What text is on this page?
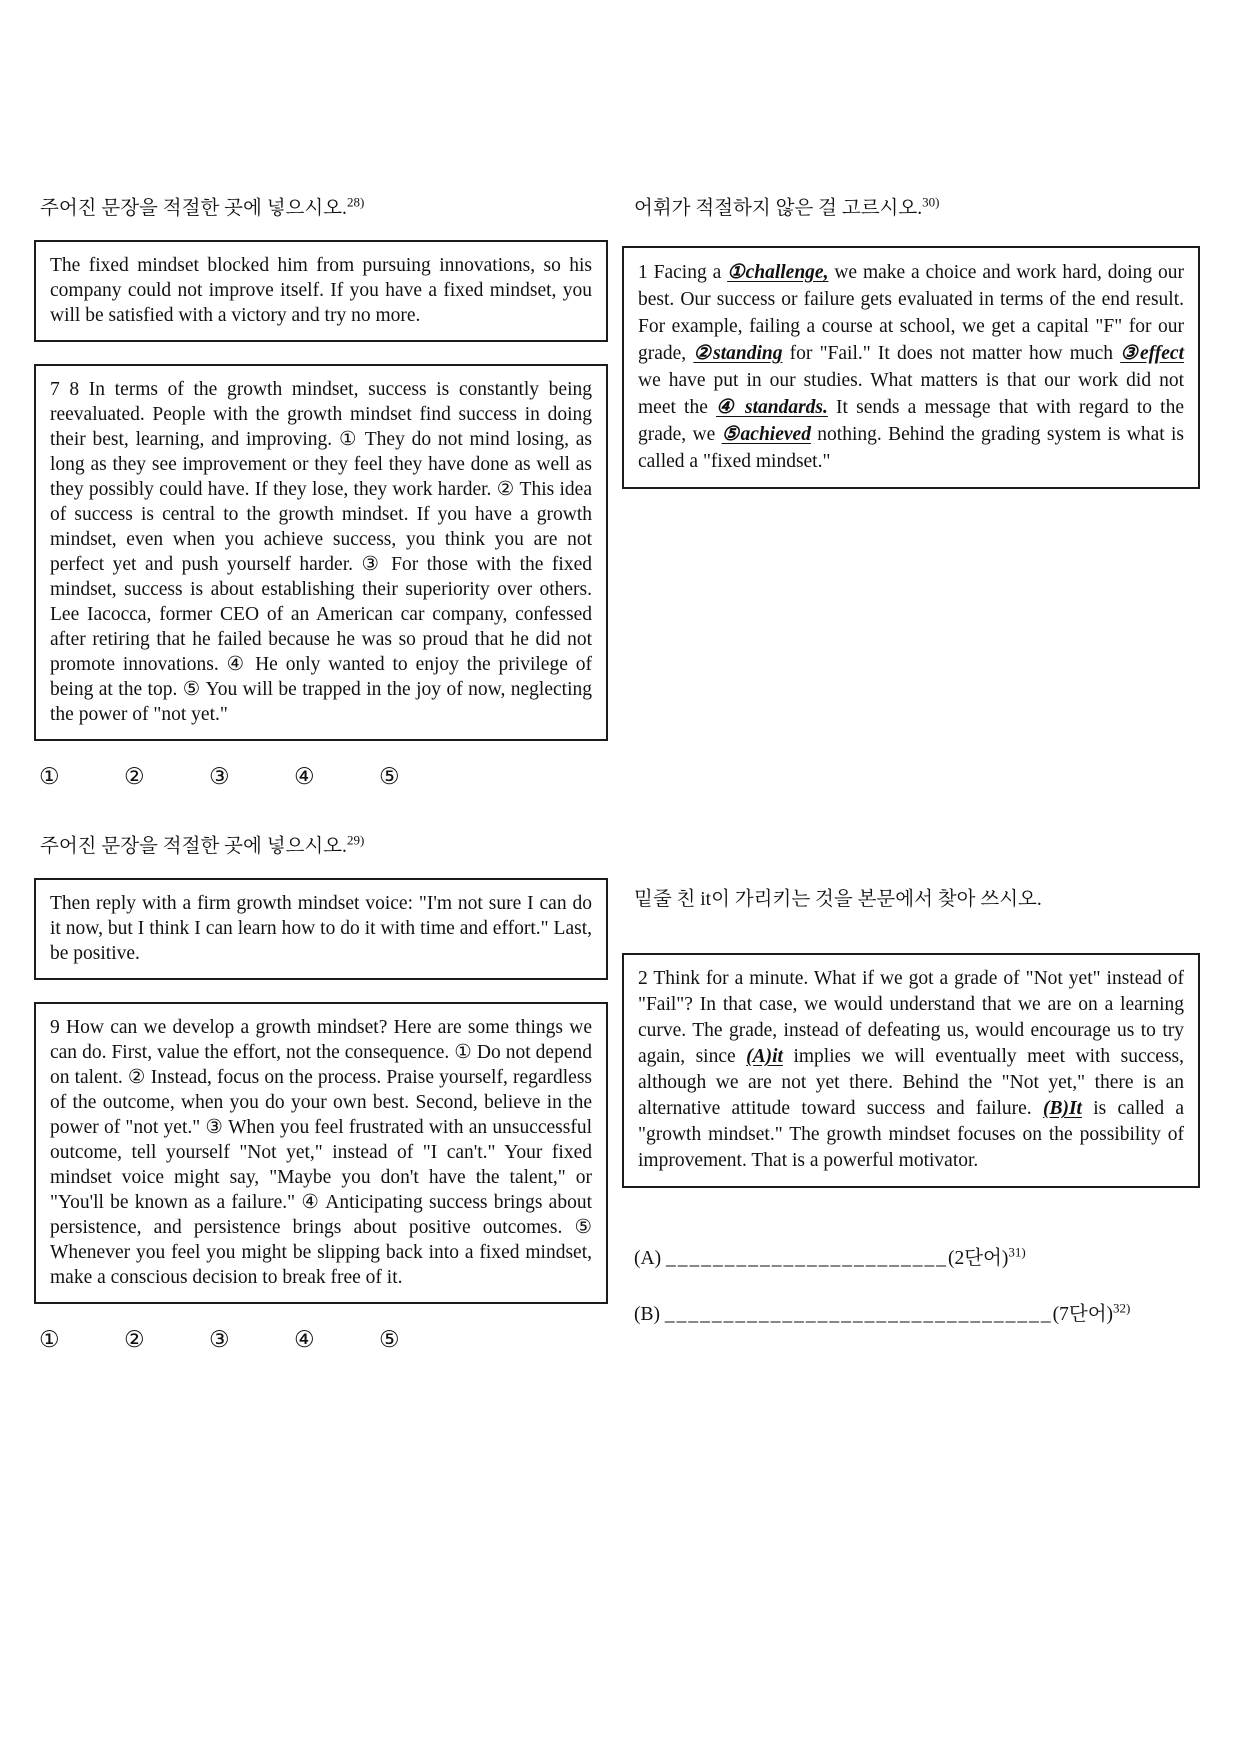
주어진 문장을 적절한 곳에 넣으시오.$^{28)}$

The fixed mindset blocked him from pursuing innovations, so his company could not improve itself. If you have a fixed mindset, you will be satisfied with a victory and try no more.

7 8 In terms of the growth mindset, success is constantly being reevaluated. People with the growth mindset find success in doing their best, learning, and improving. ① They do not mind losing, as long as they see improvement or they feel they have done as well as they possibly could have. If they lose, they work harder. ② This idea of success is central to the growth mindset. If you have a growth mindset, even when you achieve success, you think you are not perfect yet and push yourself harder. ③ For those with the fixed mindset, success is about establishing their superiority over others. Lee Iacocca, former CEO of an American car company, confessed after retiring that he failed because he was so proud that he did not promote innovations. ④ He only wanted to enjoy the privilege of being at the top. ⑤ You will be trapped in the joy of now, neglecting the power of "not yet."

①	②	③	④	⑤
주어진 문장을 적절한 곳에 넣으시오.$^{29)}$

Then reply with a firm growth mindset voice: "I'm not sure I can do it now, but I think I can learn how to do it with time and effort." Last, be positive.

9 How can we develop a growth mindset? Here are some things we can do. First, value the effort, not the consequence. ① Do not depend on talent. ② Instead, focus on the process. Praise yourself, regardless of the outcome, when you do your own best. Second, believe in the power of "not yet." ③ When you feel frustrated with an unsuccessful outcome, tell yourself "Not yet," instead of "I can't." Your fixed mindset voice might say, "Maybe you don't have the talent," or "You'll be known as a failure." ④ Anticipating success brings about persistence, and persistence brings about positive outcomes. ⑤ Whenever you feel you might be slipping back into a fixed mindset, make a conscious decision to break free of it.

①	②	③	④	⑤
어휘가 적절하지 않은 걸 고르시오.$^{30)}$

1 Facing a ①challenge, we make a choice and work hard, doing our best. Our success or failure gets evaluated in terms of the end result. For example, failing a course at school, we get a capital "F" for our grade, ②standing for "Fail." It does not matter how much ③effect we have put in our studies. What matters is that our work did not meet the ④ standards. It sends a message that with regard to the grade, we ⑤achieved nothing. Behind the grading system is what is called a "fixed mindset."

밑줄 친 it이 가리키는 것을 본문에서 찾아 쓰시오.

2 Think for a minute. What if we got a grade of "Not yet" instead of "Fail"? In that case, we would understand that we are on a learning curve. The grade, instead of defeating us, would encourage us to try again, since (A)it implies we will eventually meet with success, although we are not yet there. Behind the "Not yet," there is an alternative attitude toward success and failure. (B)It is called a "growth mindset." The growth mindset focuses on the possibility of improvement. That is a powerful motivator.

(A) ________________________(2단어)$^{31)}$
(B) _________________________________(7단어)$^{32)}$
